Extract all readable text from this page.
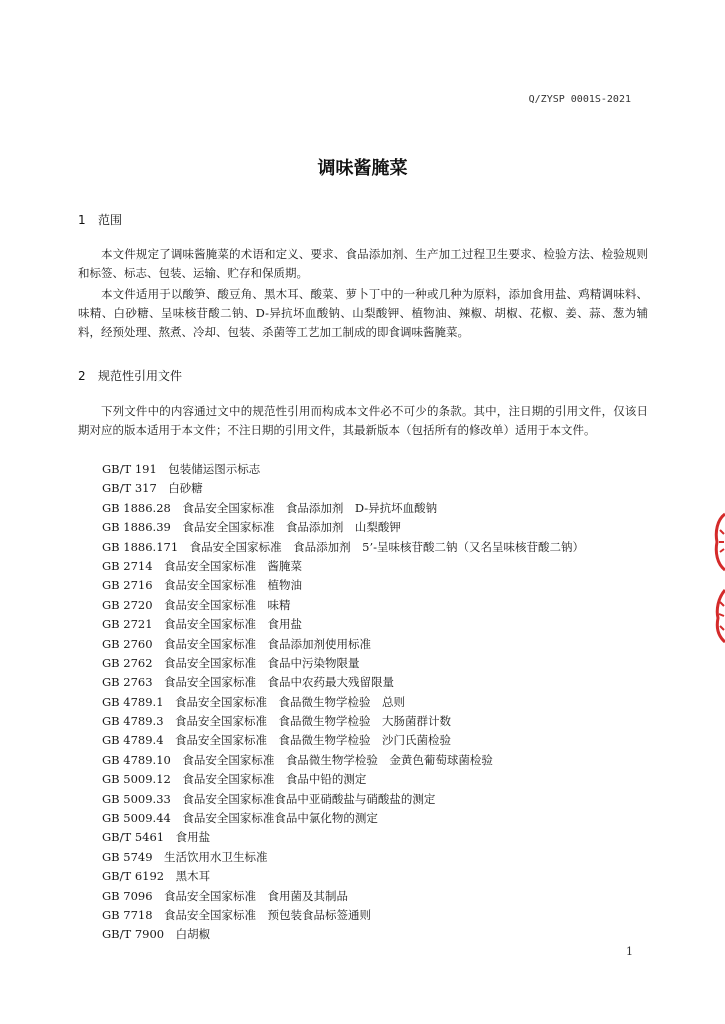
Q/ZYSP 0001S-2021
调味酱腌菜
1 范围
本文件规定了调味酱腌菜的术语和定义、要求、食品添加剂、生产加工过程卫生要求、检验方法、检验规则和标签、标志、包装、运输、贮存和保质期。
本文件适用于以酸笋、酸豆角、黑木耳、酸菜、萝卜丁中的一种或几种为原料，添加食用盐、鸡精调味料、味精、白砂糖、呈味核苷酸二钠、D-异抗坏血酸钠、山梨酸钾、植物油、辣椒、胡椒、花椒、姜、蒜、葱为辅料，经预处理、熬煮、冷却、包装、杀菌等工艺加工制成的即食调味酱腌菜。
2 规范性引用文件
下列文件中的内容通过文中的规范性引用而构成本文件必不可少的条款。其中，注日期的引用文件，仅该日期对应的版本适用于本文件；不注日期的引用文件，其最新版本（包括所有的修改单）适用于本文件。
GB/T 191　包装储运图示标志
GB/T 317　白砂糖
GB 1886.28　食品安全国家标准　食品添加剂　D-异抗坏血酸钠
GB 1886.39　食品安全国家标准　食品添加剂　山梨酸钾
GB 1886.171　食品安全国家标准　食品添加剂　5’-呈味核苷酸二钠（又名呈味核苷酸二钠）
GB 2714　食品安全国家标准　酱腌菜
GB 2716　食品安全国家标准　植物油
GB 2720　食品安全国家标准　味精
GB 2721　食品安全国家标准　食用盐
GB 2760　食品安全国家标准　食品添加剂使用标准
GB 2762　食品安全国家标准　食品中污染物限量
GB 2763　食品安全国家标准　食品中农药最大残留限量
GB 4789.1　食品安全国家标准　食品微生物学检验　总则
GB 4789.3　食品安全国家标准　食品微生物学检验　大肠菌群计数
GB 4789.4　食品安全国家标准　食品微生物学检验　沙门氏菌检验
GB 4789.10　食品安全国家标准　食品微生物学检验　金黄色葡萄球菌检验
GB 5009.12　食品安全国家标准　食品中铅的测定
GB 5009.33　食品安全国家标准食品中亚硝酸盐与硝酸盐的测定
GB 5009.44　食品安全国家标准食品中氯化物的测定
GB/T 5461　食用盐
GB 5749　生活饮用水卫生标准
GB/T 6192　黑木耳
GB 7096　食品安全国家标准　食用菌及其制品
GB 7718　食品安全国家标准　预包装食品标签通则
GB/T 7900　白胡椒
1
